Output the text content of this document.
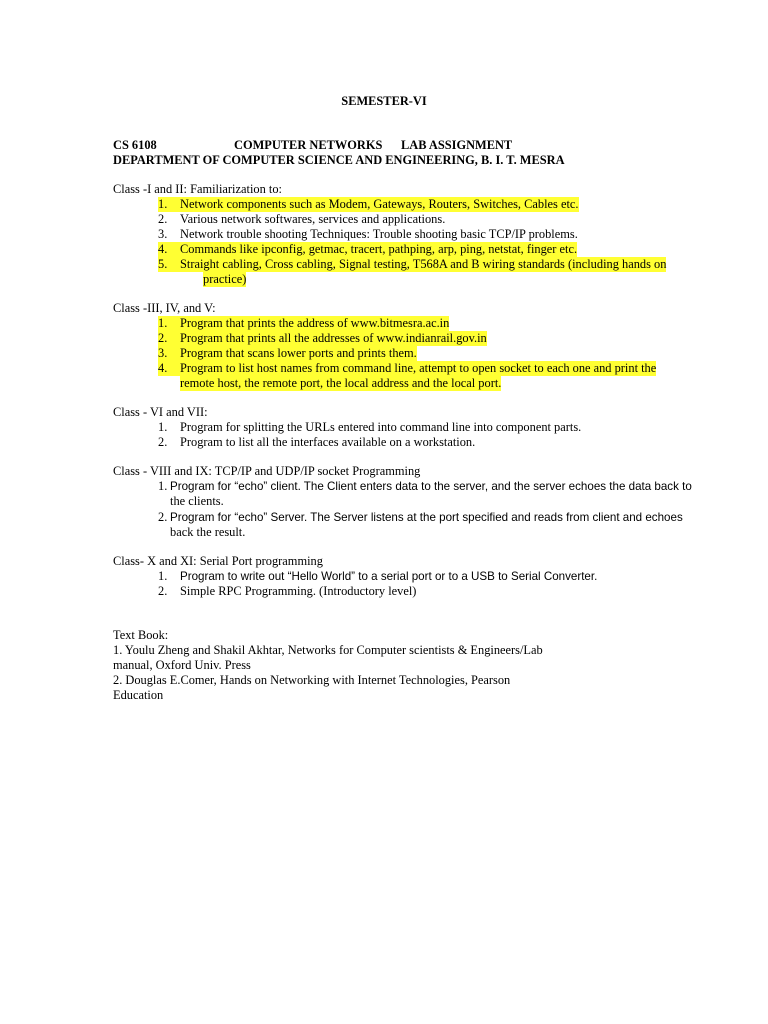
SEMESTER-VI
CS 6108	COMPUTER NETWORKS LAB ASSIGNMENT
DEPARTMENT OF COMPUTER SCIENCE AND ENGINEERING, B. I. T. MESRA
Class -I and II: Familiarization to:
1. Network components such as Modem, Gateways, Routers, Switches, Cables etc.
2. Various network softwares, services and applications.
3. Network trouble shooting Techniques: Trouble shooting basic TCP/IP problems.
4. Commands like ipconfig, getmac, tracert, pathping, arp, ping, netstat, finger etc.
5. Straight cabling, Cross cabling, Signal testing, T568A and B wiring standards (including hands on
practice)
Class -III, IV, and V:
1. Program that prints the address of www.bitmesra.ac.in
2. Program that prints all the addresses of www.indianrail.gov.in
3. Program that scans lower ports and prints them.
4. Program to list host names from command line, attempt to open socket to each one and print the
remote host, the remote port, the local address and the local port.
Class - VI and VII:
1. Program for splitting the URLs entered into command line into component parts.
2. Program to list all the interfaces available on a workstation.
Class - VIII and IX: TCP/IP and UDP/IP socket Programming
1. Program for “echo” client. The Client enters data to the server, and the server echoes the data back to
the clients.
2. Program for “echo” Server. The Server listens at the port specified and reads from client and echoes
back the result.
Class- X and XI: Serial Port programming
1. Program to write out “Hello World” to a serial port or to a USB to Serial Converter.
2. Simple RPC Programming. (Introductory level)
Text Book:
1. Youlu Zheng and Shakil Akhtar, Networks for Computer scientists & Engineers/Lab
manual, Oxford Univ. Press
2. Douglas E.Comer, Hands on Networking with Internet Technologies, Pearson
Education
